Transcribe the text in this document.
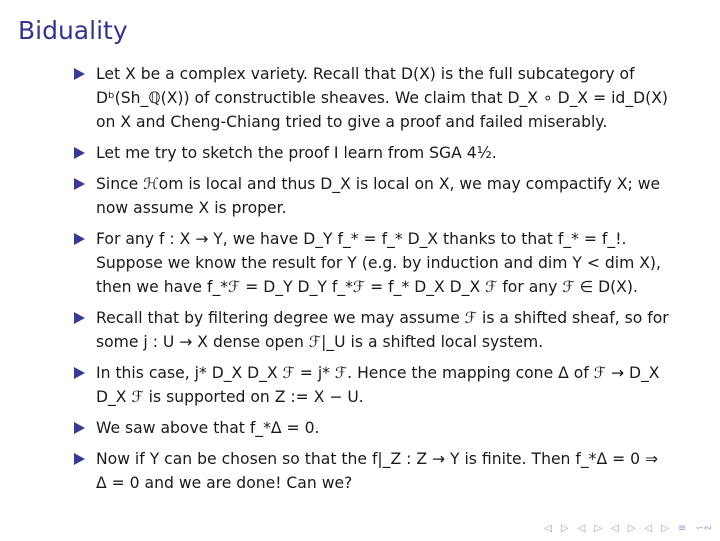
Biduality
Let X be a complex variety. Recall that D(X) is the full subcategory of Dᵇ(Sh_ℚ(X)) of constructible sheaves. We claim that D_X ∘ D_X = id_D(X) on X and Cheng-Chiang tried to give a proof and failed miserably.
Let me try to sketch the proof I learn from SGA 4½.
Since ℋom is local and thus D_X is local on X, we may compactify X; we now assume X is proper.
For any f : X → Y, we have D_Y f_* = f_* D_X thanks to that f_* = f_!. Suppose we know the result for Y (e.g. by induction and dim Y < dim X), then we have f_*ℱ = D_Y D_Y f_*ℱ = f_* D_X D_X ℱ for any ℱ ∈ D(X).
Recall that by filtering degree we may assume ℱ is a shifted sheaf, so for some j : U → X dense open ℱ|_U is a shifted local system.
In this case, j* D_X D_X ℱ = j* ℱ. Hence the mapping cone Δ of ℱ → D_X D_X ℱ is supported on Z := X − U.
We saw above that f_*Δ = 0.
Now if Y can be chosen so that the f|_Z : Z → Y is finite. Then f_*Δ = 0 ⇒ Δ = 0 and we are done! Can we?
◁ ▷ ◁ ▷ ◁ ▷ ◁ ▷ ≡ ∽∾
